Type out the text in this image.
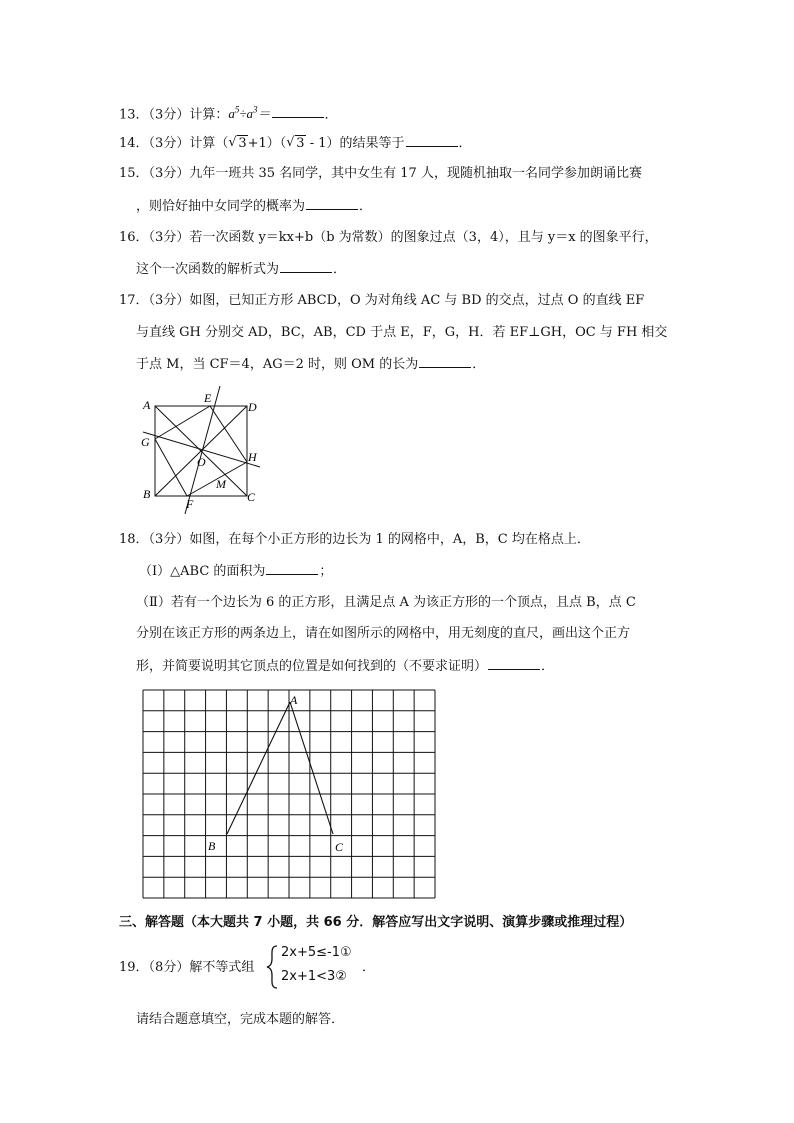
13．（3分）计算：$a^5\div a^3=$	．
14．（3分）计算（ √ 3+1）（ √ 3 - 1）的结果等于	．
15．（3分）九年一班共 35 名同学，其中女生有 17 人，现随机抽取一名同学参加朗诵比赛
，则恰好抽中女同学的概率为	．
16．（3分）若一次函数 y＝kx+b（b 为常数）的图象过点（3，4），且与 y＝x 的图象平行，
这个一次函数的解析式为	．
17．（3分）如图，已知正方形 ABCD，O 为对角线 AC 与 BD 的交点，过点 O 的直线 EF
与直线 GH 分别交 AD，BC，AB，CD 于点 E，F，G，H．若 EF⊥GH，OC 与 FH 相交
于点 M，当 CF＝4，AG＝2 时，则 OM 的长为	．
A	E
D
G
O	H
M
B	C
F
18．（3分）如图，在每个小正方形的边长为 1 的网格中，A，B，C 均在格点上．
（Ⅰ）△ABC 的面积为	；
（Ⅱ）若有一个边长为 6 的正方形，且满足点 A 为该正方形的一个顶点，且点 B，点 C
分别在该正方形的两条边上，请在如图所示的网格中，用无刻度的直尺，画出这个正方
形，并简要说明其它顶点的位置是如何找到的（不要求证明）	．
A
B	C
三、解答题（本大题共 7 小题，共 66 分．解答应写出文字说明、演算步骤或推理过程）
19．（8分）解不等式组
2x+5≤-1①
2x+1<3②
．
请结合题意填空，完成本题的解答．
